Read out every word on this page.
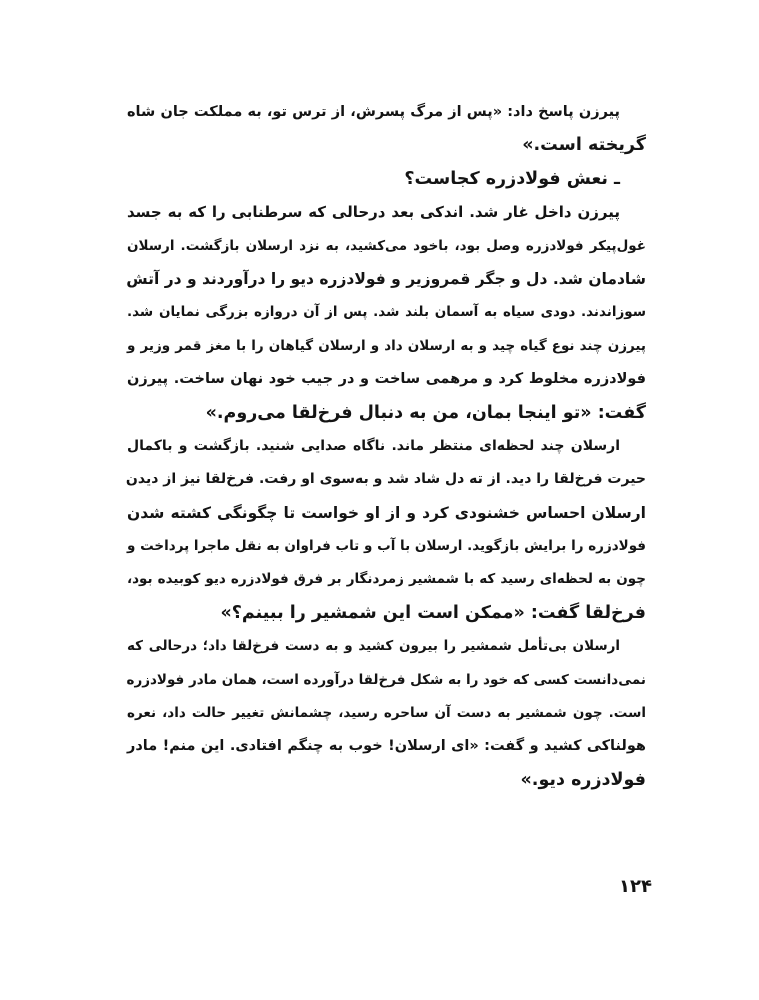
پیرزن پاسخ داد: «پس از مرگ پسرش، از ترس تو، به مملکت جان شاه
گریخته است.»
ـ نعش فولادزره کجاست؟
پیرزن داخل غار شد. اندکی بعد درحالی که سرطنابی را که به جسد
غول‌پیکر فولادزره وصل بود، باخود می‌کشید، به نزد ارسلان بازگشت. ارسلان
شادمان شد. دل و جگر قمروزیر و فولادزره دیو را درآوردند و در آتش
سوزاندند. دودی سیاه به آسمان بلند شد. پس از آن دروازه بزرگی نمایان شد.
پیرزن چند نوع گیاه چید و به ارسلان داد و ارسلان گیاهان را با مغز قمر وزیر و
فولادزره مخلوط کرد و مرهمی ساخت و در جیب خود نهان ساخت. پیرزن
گفت: «تو اینجا بمان، من به دنبال فرخ‌لقا می‌روم.»
ارسلان چند لحظه‌ای منتظر ماند. ناگاه صدایی شنید. بازگشت و باکمال
حیرت فرخ‌لقا را دید. از ته دل شاد شد و به‌سوی او رفت. فرخ‌لقا نیز از دیدن
ارسلان احساس خشنودی کرد و از او خواست تا چگونگی کشته شدن
فولادزره را برایش بازگوید. ارسلان با آب و تاب فراوان به نقل ماجرا پرداخت و
چون به لحظه‌ای رسید که با شمشیر زمردنگار بر فرق فولادزره دیو کوبیده بود،
فرخ‌لقا گفت: «ممکن است این شمشیر را ببینم؟»
ارسلان بی‌تأمل شمشیر را بیرون کشید و به دست فرخ‌لقا داد؛ درحالی که
نمی‌دانست کسی که خود را به شکل فرخ‌لقا درآورده است، همان مادر فولادزره
است. چون شمشیر به دست آن ساحره رسید، چشمانش تغییر حالت داد، نعره
هولناکی کشید و گفت: «ای ارسلان! خوب به چنگم افتادی. این منم! مادر
فولادزره دیو.»
۱۲۴
